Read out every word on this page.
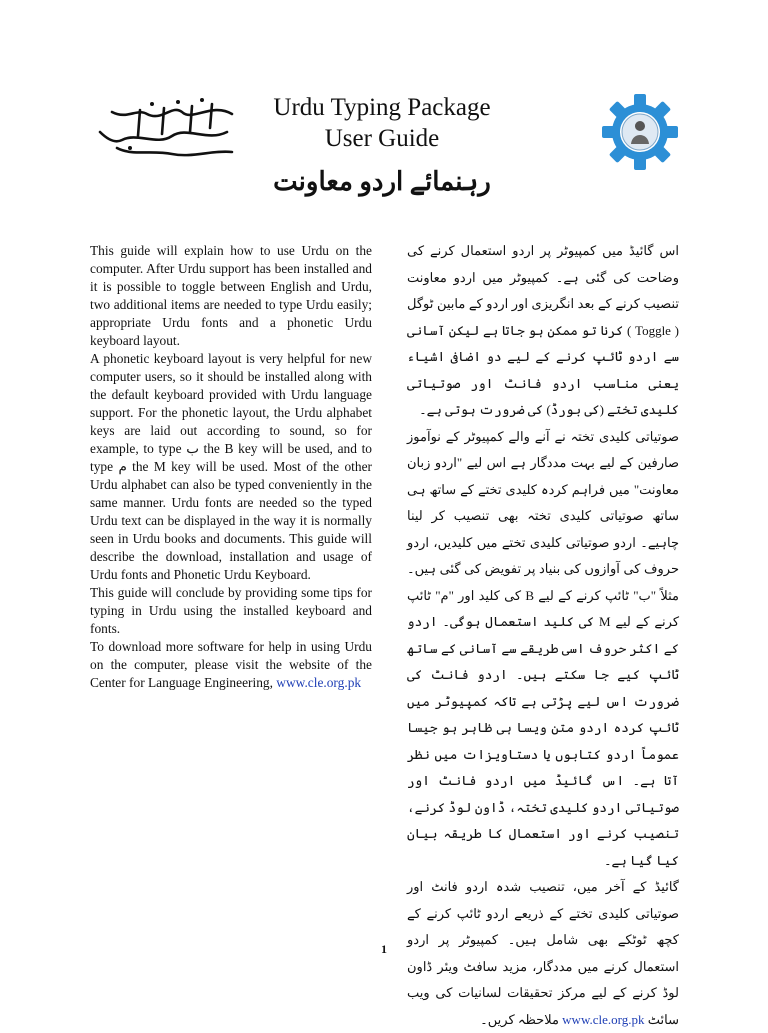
Urdu Typing Package
User Guide
رہنمائے اردو معاونت

This guide will explain how to use Urdu on the computer. After Urdu support has been installed and it is possible to toggle between English and Urdu, two additional items are needed to type Urdu easily; appropriate Urdu fonts and a phonetic Urdu keyboard layout.

A phonetic keyboard layout is very helpful for new computer users, so it should be installed along with the default keyboard provided with Urdu language support. For the phonetic layout, the Urdu alphabet keys are laid out according to sound, so for example, to type ب the B key will be used, and to type م the M key will be used. Most of the other Urdu alphabet can also be typed conveniently in the same manner. Urdu fonts are needed so the typed Urdu text can be displayed in the way it is normally seen in Urdu books and documents. This guide will describe the download, installation and usage of Urdu fonts and Phonetic Urdu Keyboard.

This guide will conclude by providing some tips for typing in Urdu using the installed keyboard and fonts.

To download more software for help in using Urdu on the computer, please visit the website of the Center for Language Engineering, www.cle.org.pk

اس گائیڈ میں کمپیوٹر پر اردو استعمال کرنے کی وضاحت کی گئی ہے۔ کمپیوٹر میں اردو معاونت تنصیب کرنے کے بعد انگریزی اور اردو کے مابین ٹوگل ( Toggle ) کرنا تو ممکن ہو جاتا ہے لیکن آسانی سے اردو ٹائپ کرنے کے لیے دو اضافی اشیاء یعنی مناسب اردو فانٹ اور صوتیاتی کلیدی تختے (کی بورڈ) کی ضرورت ہوتی ہے۔

صوتیاتی کلیدی تختہ نے آنے والے کمپیوٹر کے نوآموز صارفین کے لیے بہت مددگار ہے اس لیے "اردو زبان معاونت" میں فراہم کردہ کلیدی تختے کے ساتھ ہی ساتھ صوتیاتی کلیدی تختہ بھی تنصیب کر لینا چاہیے۔ اردو صوتیاتی کلیدی تختے میں کلیدیں، اردو حروف کی آوازوں کی بنیاد پر تفویض کی گئی ہیں۔ مثلاً "ب" ٹائپ کرنے کے لیے B کی کلید اور "م" ٹائپ کرنے کے لیے M کی کلید استعمال ہوگی۔ اردو کے اکثر حروف اسی طریقے سے آسانی کے ساتھ ٹائپ کیے جا سکتے ہیں۔ اردو فانٹ کی ضرورت اس لیے پڑتی ہے تاکہ کمپیوٹر میں ٹائپ کردہ اردو متن ویسا ہی ظاہر ہو جیسا عموماً اردو کتابوں یا دستاویزات میں نظر آتا ہے۔ اس گائیڈ میں اردو فانٹ اور صوتیاتی اردو کلیدی تختہ، ڈاون لوڈ کرنے، تنصیب کرنے اور استعمال کا طریقہ بیان کیا گیا ہے۔

گائیڈ کے آخر میں، تنصیب شدہ اردو فانٹ اور صوتیاتی کلیدی تختے کے ذریعے اردو ٹائپ کرنے کے کچھ ٹوٹکے بھی شامل ہیں۔ کمپیوٹر پر اردو استعمال کرنے میں مددگار، مزید سافٹ ویئر ڈاون لوڈ کرنے کے لیے مرکز تحقیقات لسانیات کی ویب سائٹ www.cle.org.pk ملاحظہ کریں۔

1
